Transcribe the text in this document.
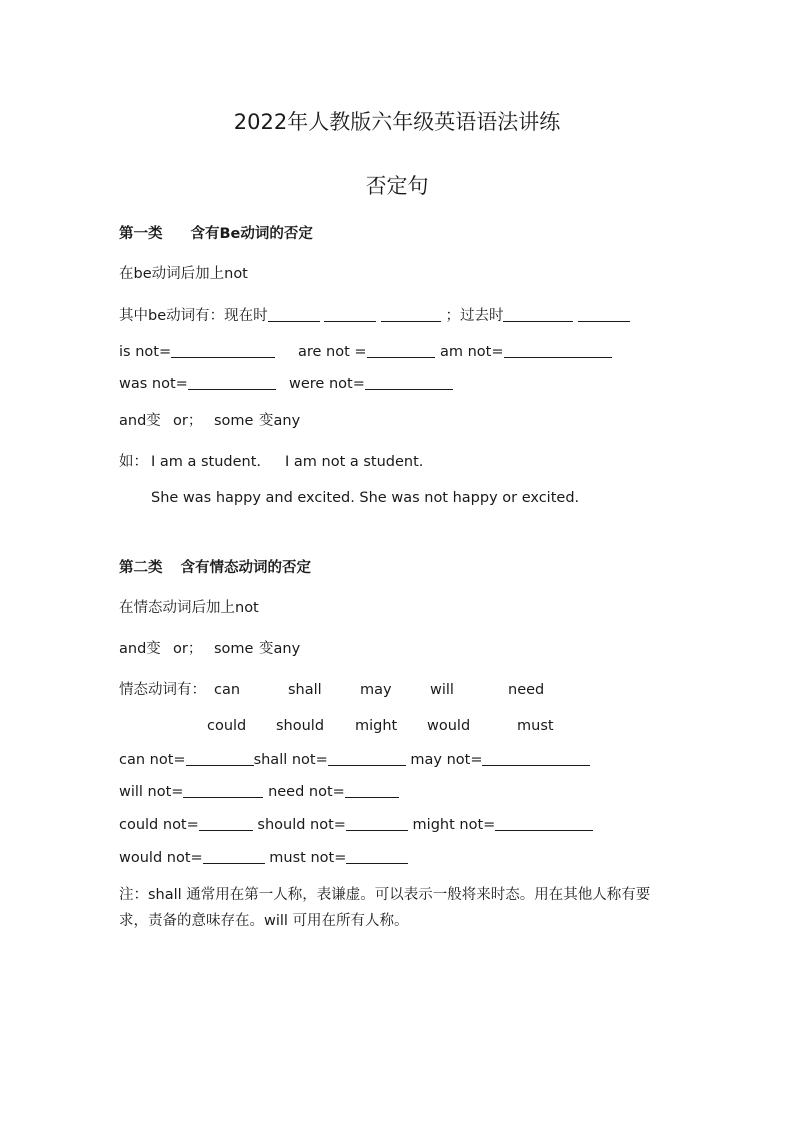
2022年人教版六年级英语语法讲练
否定句
第一类 含有Be动词的否定
在be动词后加上not
其中be动词有：现在时	；过去时
is not=	are not =	am not=
was not=	were not=
and变 or； some 变any
如： I am a student. I am not a student.
She was happy and excited. She was not happy or excited.
第二类 含有情态动词的否定
在情态动词后加上not
and变 or； some 变any
情态动词有： can	shall	may	will	need
could should might would	must
can not=	shall not=	may not=
will not=	need not=
could not=	should not=	might not=
would not=	must not=
注：shall 通常用在第一人称，表谦虚。可以表示一般将来时态。用在其他人称有要求，责备的意味存在。will 可用在所有人称。
